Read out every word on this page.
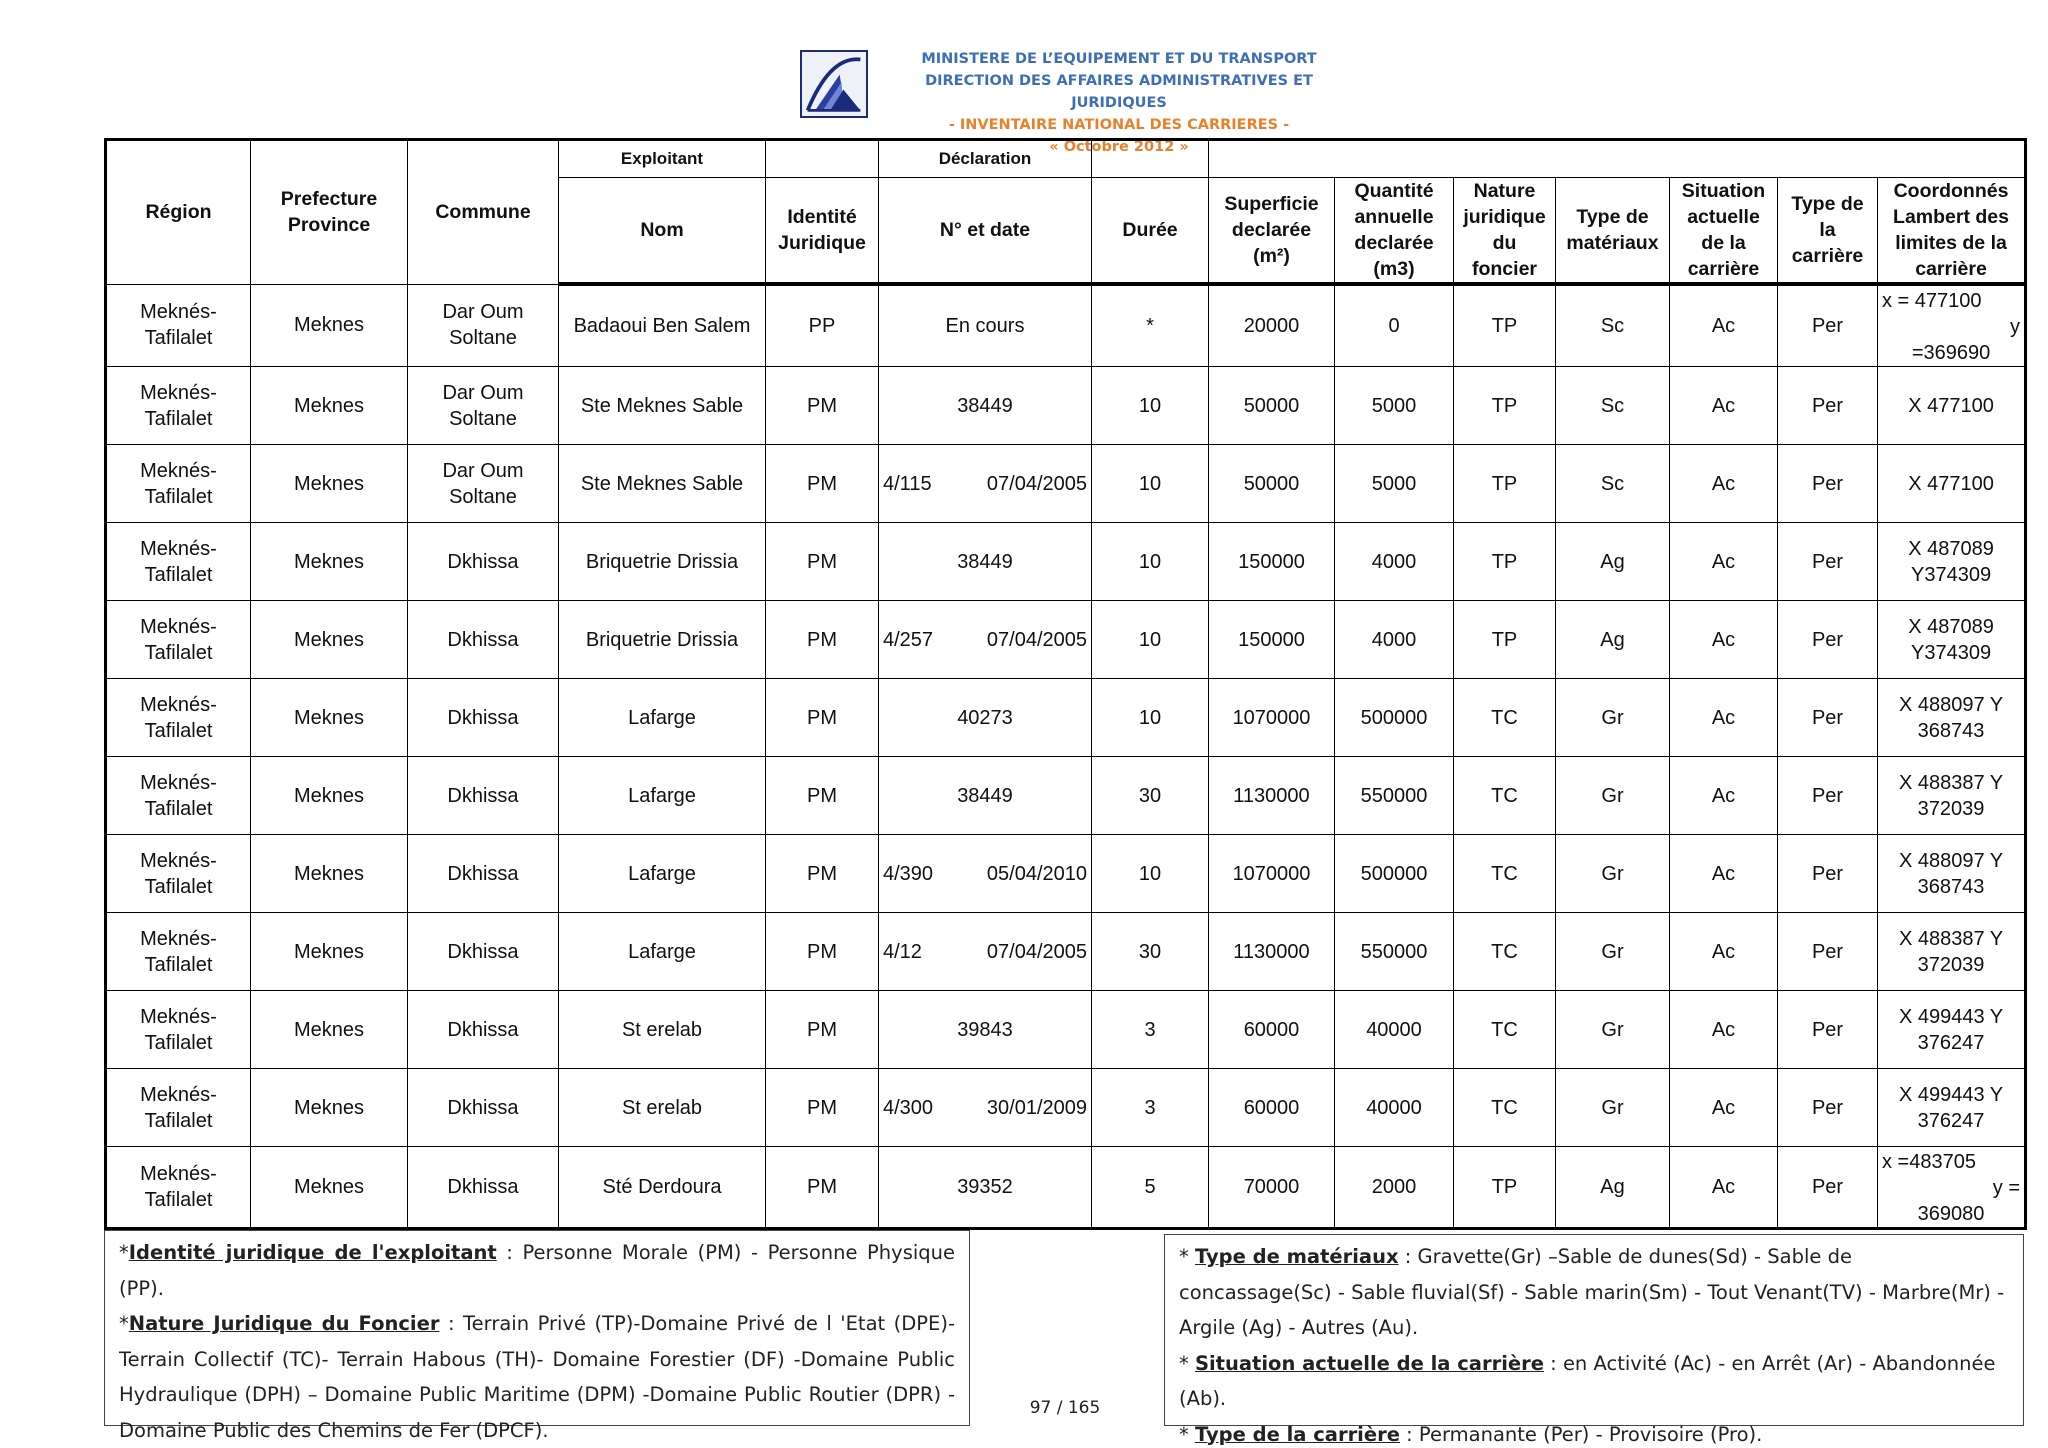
MINISTERE DE L’EQUIPEMENT ET DU TRANSPORT
DIRECTION DES AFFAIRES ADMINISTRATIVES ET JURIDIQUES
- INVENTAIRE NATIONAL DES CARRIERES -
« Octobre 2012 »
Région	Prefecture Province	Commune	Exploitant		Déclaration								
			Nom	Identité Juridique	N° et date	Durée	Superficie declarée (m²)	Quantité annuelle declarée (m3)	Nature juridique du foncier	Type de matériaux	Situation actuelle de la carrière	Type de la carrière	Coordonnés Lambert des limites de la carrière
Meknés-Tafilalet	Meknes	Dar Oum Soltane	Badaoui Ben Salem	PP	En cours	*	20000	0	TP	Sc	Ac	Per	x = 477100
y
=369690

Meknés-Tafilalet	Meknes	Dar Oum Soltane	Ste Meknes Sable	PM	38449	10	50000	5000	TP	Sc	Ac	Per	X 477100
Meknés-Tafilalet	Meknes	Dar Oum Soltane	Ste Meknes Sable	PM	4/115 07/04/2005	10	50000	5000	TP	Sc	Ac	Per	X 477100
Meknés-Tafilalet	Meknes	Dkhissa	Briquetrie Drissia	PM	38449	10	150000	4000	TP	Ag	Ac	Per	X 487089 Y374309
Meknés-Tafilalet	Meknes	Dkhissa	Briquetrie Drissia	PM	4/257 07/04/2005	10	150000	4000	TP	Ag	Ac	Per	X 487089 Y374309
Meknés-Tafilalet	Meknes	Dkhissa	Lafarge	PM	40273	10	1070000	500000	TC	Gr	Ac	Per	X 488097 Y 368743
Meknés-Tafilalet	Meknes	Dkhissa	Lafarge	PM	38449	30	1130000	550000	TC	Gr	Ac	Per	X 488387 Y 372039
Meknés-Tafilalet	Meknes	Dkhissa	Lafarge	PM	4/390 05/04/2010	10	1070000	500000	TC	Gr	Ac	Per	X 488097 Y 368743
Meknés-Tafilalet	Meknes	Dkhissa	Lafarge	PM	4/12 07/04/2005	30	1130000	550000	TC	Gr	Ac	Per	X 488387 Y 372039
Meknés-Tafilalet	Meknes	Dkhissa	St erelab	PM	39843	3	60000	40000	TC	Gr	Ac	Per	X 499443 Y 376247
Meknés-Tafilalet	Meknes	Dkhissa	St erelab	PM	4/300 30/01/2009	3	60000	40000	TC	Gr	Ac	Per	X 499443 Y 376247
Meknés-Tafilalet	Meknes	Dkhissa	Sté Derdoura	PM	39352	5	70000	2000	TP	Ag	Ac	Per	x =483705
y =
369080
*Identité juridique de l'exploitant : Personne Morale (PM) - Personne Physique (PP).
*Nature Juridique du Foncier : Terrain Privé (TP)-Domaine Privé de l 'Etat (DPE)- Terrain Collectif (TC)- Terrain Habous (TH)- Domaine Forestier (DF) -Domaine Public Hydraulique (DPH) – Domaine Public Maritime (DPM) -Domaine Public Routier (DPR) - Domaine Public des Chemins de Fer (DPCF).
97 / 165
* Type de matériaux : Gravette(Gr) –Sable de dunes(Sd) - Sable de concassage(Sc) - Sable fluvial(Sf) - Sable marin(Sm) - Tout Venant(TV) - Marbre(Mr) - Argile (Ag) - Autres (Au).
* Situation actuelle de la carrière : en Activité (Ac) - en Arrêt (Ar) - Abandonnée (Ab).
* Type de la carrière : Permanante (Per) - Provisoire (Pro).
